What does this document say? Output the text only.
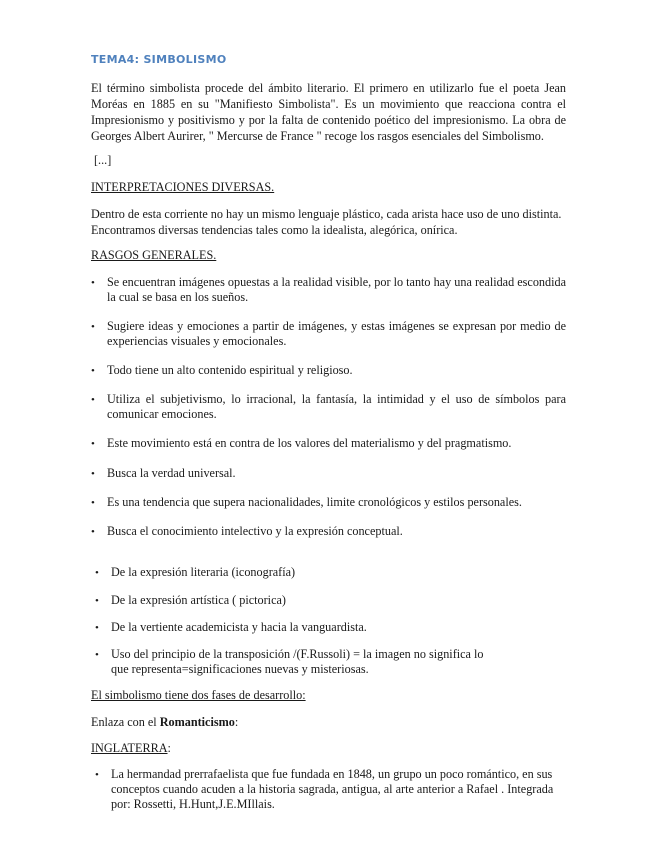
TEMA4: SIMBOLISMO

El término simbolista procede del ámbito literario. El primero en utilizarlo fue el poeta Jean Moréas en 1885 en su "Manifiesto Simbolista". Es un movimiento que reacciona contra el Impresionismo y positivismo y por la falta de contenido poético del impresionismo. La obra de Georges Albert Aurirer, " Mercurse de France " recoge los rasgos esenciales del Simbolismo.

[...]

INTERPRETACIONES DIVERSAS.

Dentro de esta corriente no hay un mismo lenguaje plástico, cada arista hace uso de uno distinta. Encontramos diversas tendencias tales como la idealista, alegórica, onírica.

RASGOS GENERALES.

• Se encuentran imágenes opuestas a la realidad visible, por lo tanto hay una realidad escondida la cual se basa en los sueños.
• Sugiere ideas y emociones a partir de imágenes, y estas imágenes se expresan por medio de experiencias visuales y emocionales.
• Todo tiene un alto contenido espiritual y religioso.
• Utiliza el subjetivismo, lo irracional, la fantasía, la intimidad y el uso de símbolos para comunicar emociones.
• Este movimiento está en contra de los valores del materialismo y del pragmatismo.
• Busca la verdad universal.
• Es una tendencia que supera nacionalidades, limite cronológicos y estilos personales.
• Busca el conocimiento intelectivo y la expresión conceptual.
• De la expresión literaria (iconografía)
• De la expresión artística ( pictorica)
• De la vertiente academicista y hacia la vanguardista.
• Uso del principio de la transposición /(F.Russoli) = la imagen no significa lo que representa=significaciones nuevas y misteriosas.

El simbolismo tiene dos fases de desarrollo:

Enlaza con el Romanticismo:

INGLATERRA:

• La hermandad prerrafaelista que fue fundada en 1848, un grupo un poco romántico, en sus conceptos cuando acuden a la historia sagrada, antigua, al arte anterior a Rafael . Integrada por: Rossetti, H.Hunt,J.E.MIllais.
